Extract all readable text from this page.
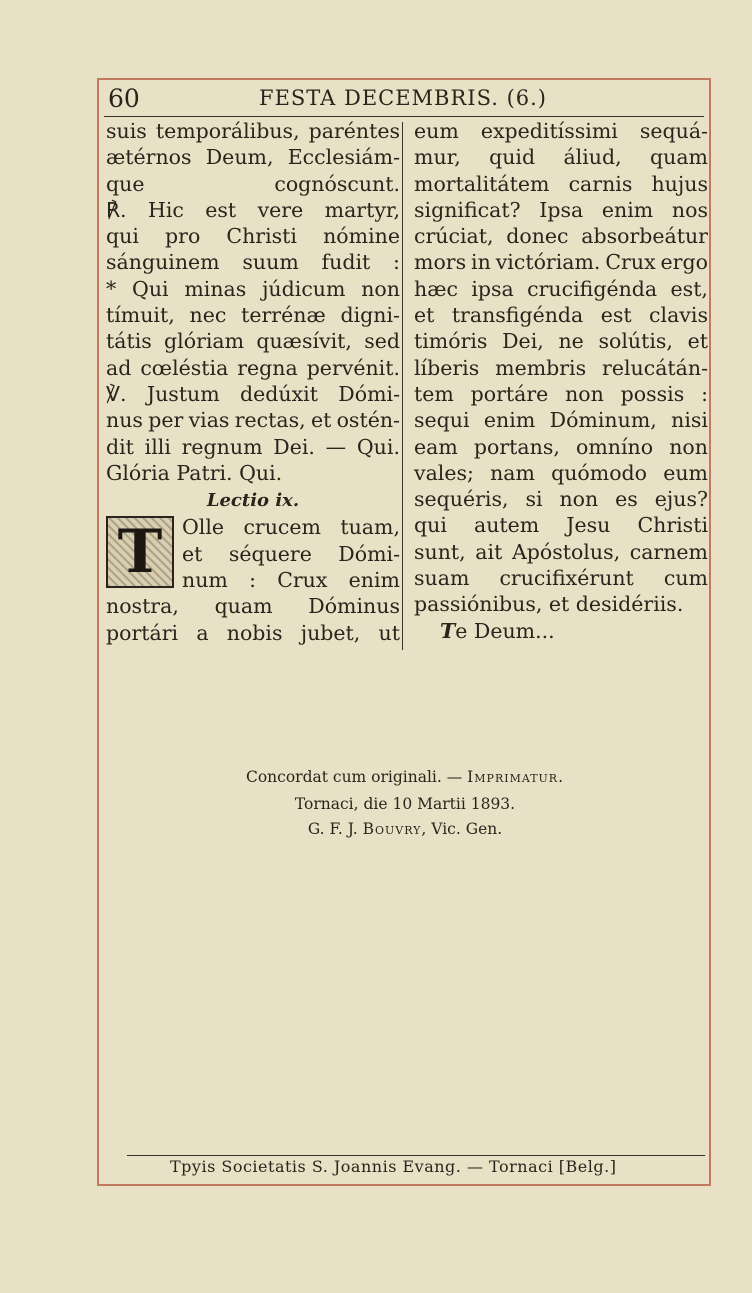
60	FESTA DECEMBRIS. (6.)
suis temporálibus, paréntes
ætérnos Deum, Ecclesiám-
que	cognóscunt.
℟. Hic est vere martyr,
qui pro Christi nómine
sánguinem suum fudit :
* Qui minas júdicum non
tímuit, nec terrénæ digni-
tátis glóriam quæsívit, sed
ad cœléstia regna pervénit.
℣. Justum dedúxit Dómi-
nus per vias rectas, et ostén-
dit illi regnum Dei. — Qui.
Glória Patri. Qui.
Lectio ix.
T Olle crucem tuam,
et séquere Dómi-
num : Crux enim
nostra, quam Dóminus
portári a nobis jubet, ut
eum expeditíssimi sequá-
mur, quid áliud, quam
mortalitátem carnis hujus
significat? Ipsa enim nos
crúciat, donec absorbeátur
mors in victóriam. Crux ergo
hæc ipsa crucifigénda est,
et transfigénda est clavis
timóris Dei, ne solútis, et
líberis membris relucátán-
tem portáre non possis :
sequi enim Dóminum, nisi
eam portans, omníno non
vales; nam quómodo eum
sequéris, si non es ejus?
qui autem Jesu Christi
sunt, ait Apóstolus, carnem
suam crucifixérunt cum
passiónibus, et desidériis.
Te Deum...
Concordat cum originali. — Imprimatur.
Tornaci, die 10 Martii 1893.
G. F. J. Bouvry, Vic. Gen.
Tpyis Societatis S. Joannis Evang. — Tornaci [Belg.]
